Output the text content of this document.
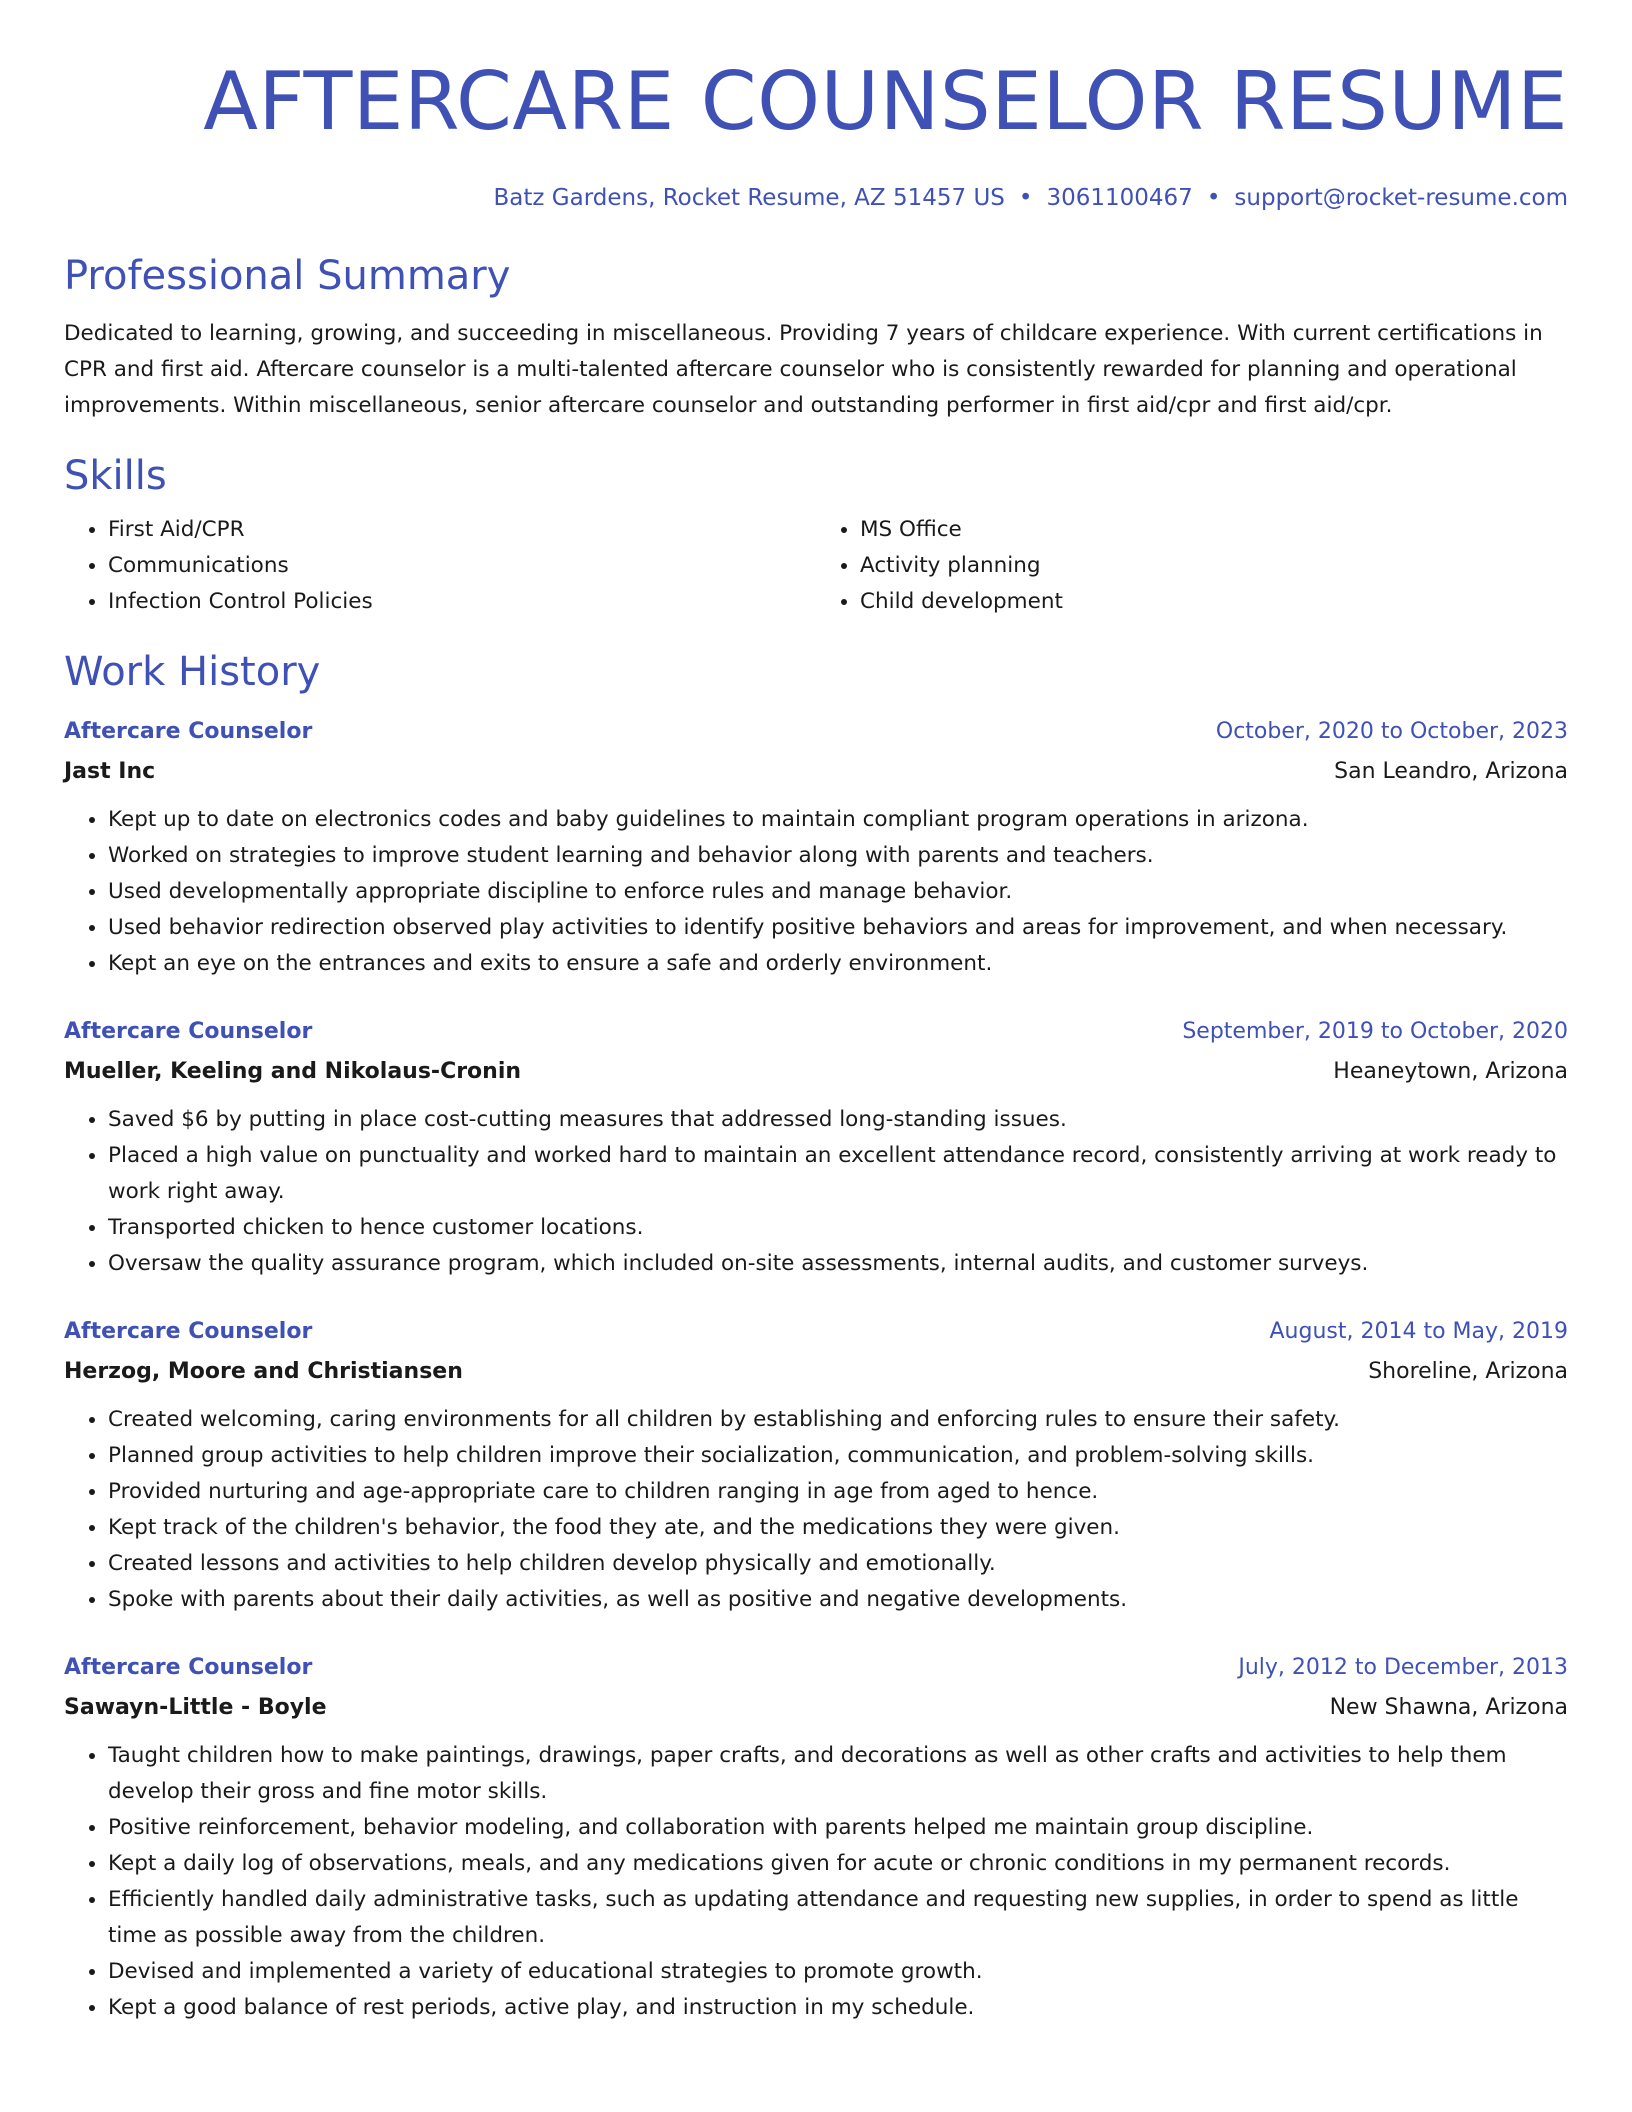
AFTERCARE COUNSELOR RESUME
Batz Gardens, Rocket Resume, AZ 51457 US • 3061100467 • support@rocket-resume.com
Professional Summary
Dedicated to learning, growing, and succeeding in miscellaneous. Providing 7 years of childcare experience. With current certifications in CPR and first aid. Aftercare counselor is a multi-talented aftercare counselor who is consistently rewarded for planning and operational improvements. Within miscellaneous, senior aftercare counselor and outstanding performer in first aid/cpr and first aid/cpr.
Skills
• First Aid/CPR
• Communications
• Infection Control Policies
• MS Office
• Activity planning
• Child development
Work History
Aftercare Counselor	October, 2020 to October, 2023
Jast Inc	San Leandro, Arizona
• Kept up to date on electronics codes and baby guidelines to maintain compliant program operations in arizona.
• Worked on strategies to improve student learning and behavior along with parents and teachers.
• Used developmentally appropriate discipline to enforce rules and manage behavior.
• Used behavior redirection observed play activities to identify positive behaviors and areas for improvement, and when necessary.
• Kept an eye on the entrances and exits to ensure a safe and orderly environment.
Aftercare Counselor	September, 2019 to October, 2020
Mueller, Keeling and Nikolaus-Cronin	Heaneytown, Arizona
• Saved $6 by putting in place cost-cutting measures that addressed long-standing issues.
• Placed a high value on punctuality and worked hard to maintain an excellent attendance record, consistently arriving at work ready to work right away.
• Transported chicken to hence customer locations.
• Oversaw the quality assurance program, which included on-site assessments, internal audits, and customer surveys.
Aftercare Counselor	August, 2014 to May, 2019
Herzog, Moore and Christiansen	Shoreline, Arizona
• Created welcoming, caring environments for all children by establishing and enforcing rules to ensure their safety.
• Planned group activities to help children improve their socialization, communication, and problem-solving skills.
• Provided nurturing and age-appropriate care to children ranging in age from aged to hence.
• Kept track of the children's behavior, the food they ate, and the medications they were given.
• Created lessons and activities to help children develop physically and emotionally.
• Spoke with parents about their daily activities, as well as positive and negative developments.
Aftercare Counselor	July, 2012 to December, 2013
Sawayn-Little - Boyle	New Shawna, Arizona
• Taught children how to make paintings, drawings, paper crafts, and decorations as well as other crafts and activities to help them develop their gross and fine motor skills.
• Positive reinforcement, behavior modeling, and collaboration with parents helped me maintain group discipline.
• Kept a daily log of observations, meals, and any medications given for acute or chronic conditions in my permanent records.
• Efficiently handled daily administrative tasks, such as updating attendance and requesting new supplies, in order to spend as little time as possible away from the children.
• Devised and implemented a variety of educational strategies to promote growth.
• Kept a good balance of rest periods, active play, and instruction in my schedule.
